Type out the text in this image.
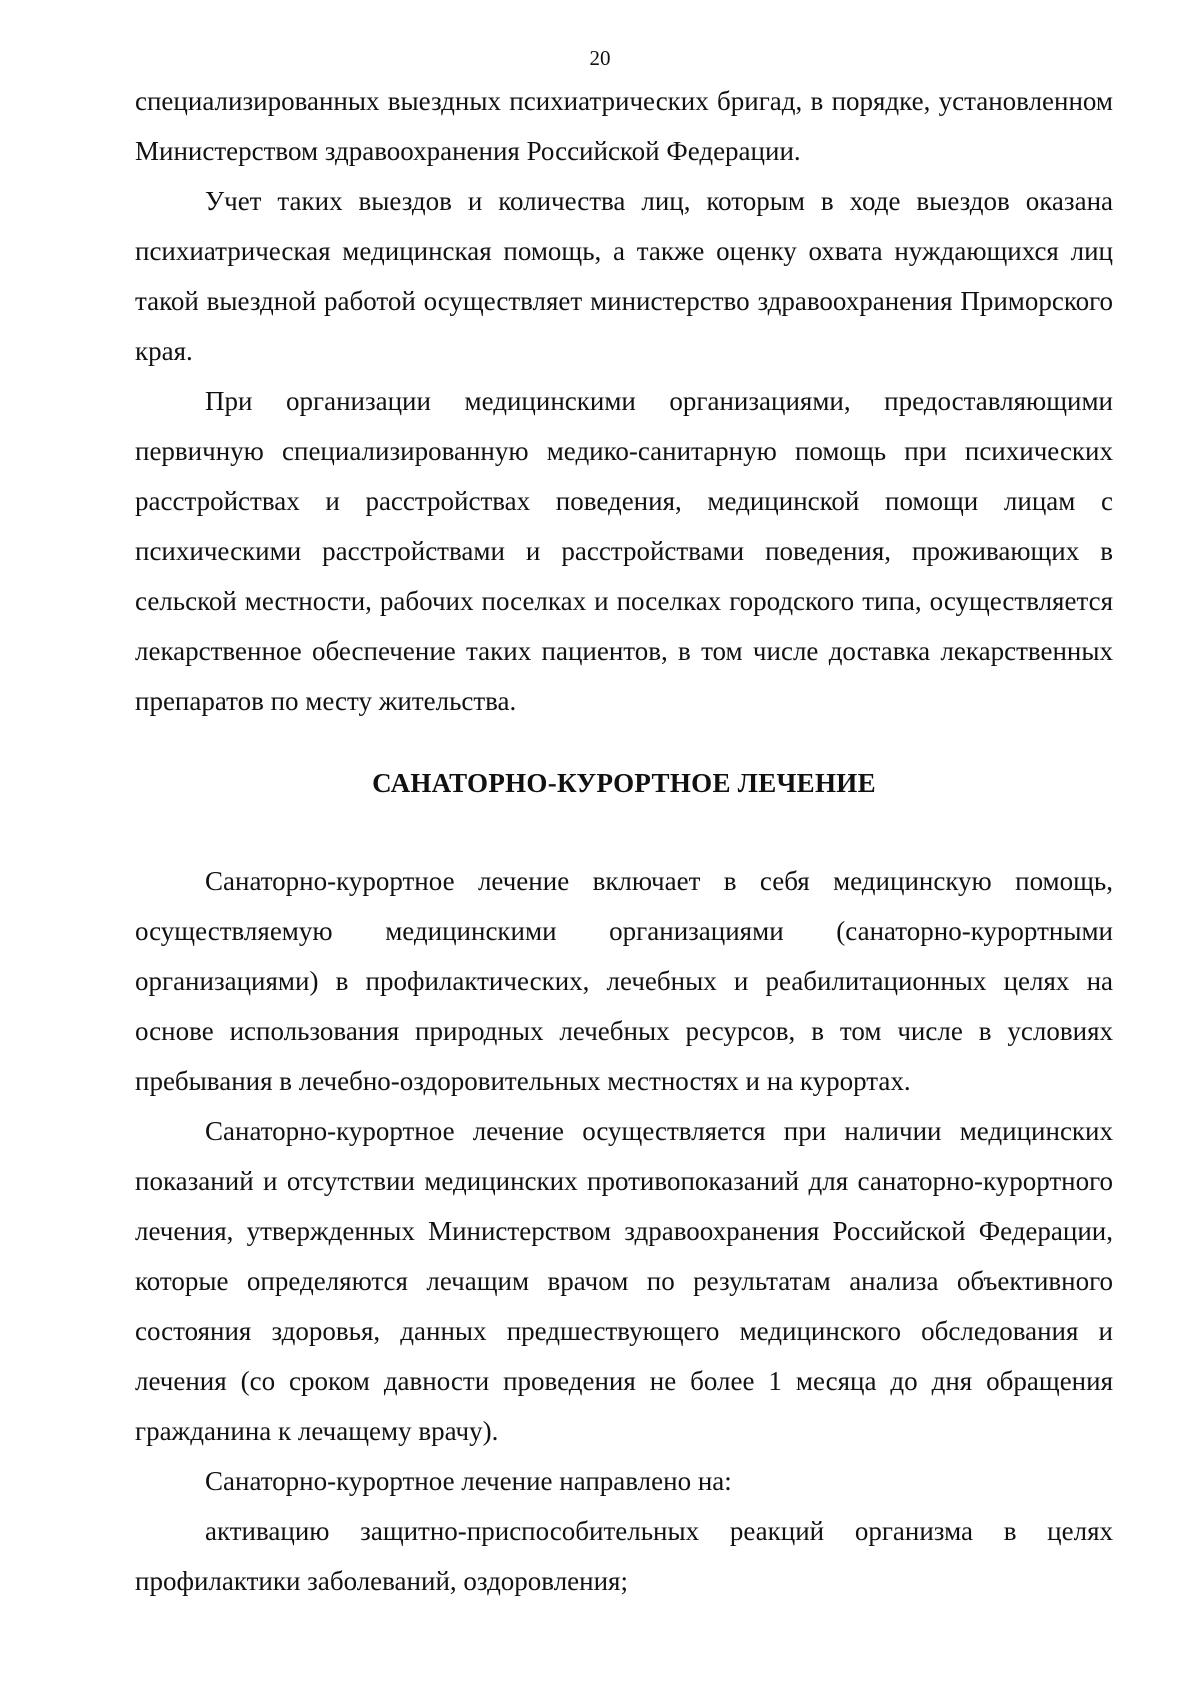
20

специализированных выездных психиатрических бригад, в порядке, установленном Министерством здравоохранения Российской Федерации.

Учет таких выездов и количества лиц, которым в ходе выездов оказана психиатрическая медицинская помощь, а также оценку охвата нуждающихся лиц такой выездной работой осуществляет министерство здравоохранения Приморского края.

При организации медицинскими организациями, предоставляющими первичную специализированную медико-санитарную помощь при психических расстройствах и расстройствах поведения, медицинской помощи лицам с психическими расстройствами и расстройствами поведения, проживающих в сельской местности, рабочих поселках и поселках городского типа, осуществляется лекарственное обеспечение таких пациентов, в том числе доставка лекарственных препаратов по месту жительства.

САНАТОРНО-КУРОРТНОЕ ЛЕЧЕНИЕ

Санаторно-курортное лечение включает в себя медицинскую помощь, осуществляемую медицинскими организациями (санаторно-курортными организациями) в профилактических, лечебных и реабилитационных целях на основе использования природных лечебных ресурсов, в том числе в условиях пребывания в лечебно-оздоровительных местностях и на курортах.

Санаторно-курортное лечение осуществляется при наличии медицинских показаний и отсутствии медицинских противопоказаний для санаторно-курортного лечения, утвержденных Министерством здравоохранения Российской Федерации, которые определяются лечащим врачом по результатам анализа объективного состояния здоровья, данных предшествующего медицинского обследования и лечения (со сроком давности проведения не более 1 месяца до дня обращения гражданина к лечащему врачу).

Санаторно-курортное лечение направлено на:

активацию защитно-приспособительных реакций организма в целях профилактики заболеваний, оздоровления;
